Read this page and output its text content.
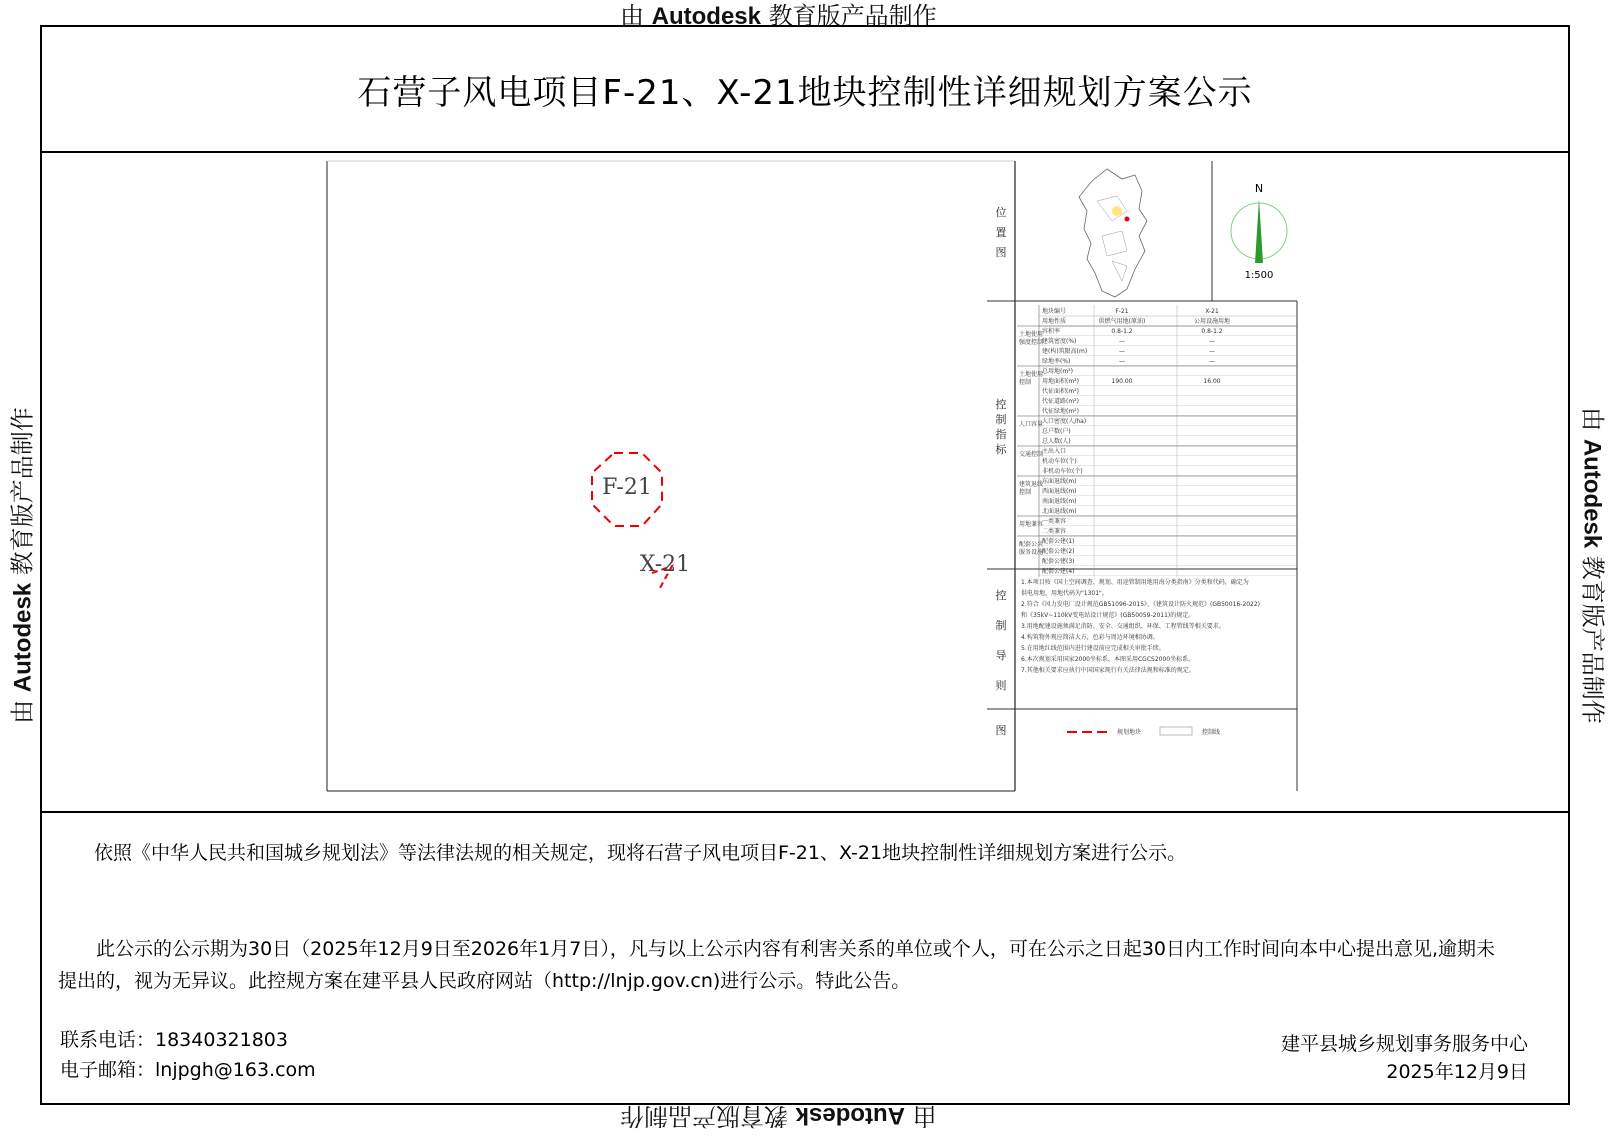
由 Autodesk 教育版产品制作
由 Autodesk 教育版产品制作
由 Autodesk 教育版产品制作	由 Autodesk 教育版产品制作
石营子风电项目F-21、X-21地块控制性详细规划方案公示
F-21
X-21
位
置
图
控
制
指
标
控
制
导
则
图
N
1:500
地块编号	F-21	X-21
用地性质	供燃气用地(原油)	公用设施用地
土地使用
强度控制
容积率	0.8-1.2	0.8-1.2
建筑密度(%)	—	—
建(构)筑限高(m)	—	—
绿地率(%)	—	—
土地使用
控制
总用地(m²)
用地面积(m²)	190.00	16.00
代征面积(m²)
代征道路(m²)
代征绿地(m²)
人口容量
人口密度(人/ha)
总户数(户)
总人数(人)
交通控制
主出入口
机动车位(个)
非机动车位(个)
建筑退线
控制
东面退线(m)
西面退线(m)
南面退线(m)
北面退线(m)
用地兼容
一类兼容
二类兼容
配套公共
服务设施
配套公建(1)
配套公建(2)
配套公建(3)
配套公建(4)
1.本项目按《国土空间调查、规划、用途管制用地用海分类指南》分类和代码，确定为
供电用地，用地代码为"1301"。
2.符合《风力发电厂设计规范GB51096-2015》、《建筑设计防火规范》(GB50016-2022)
和《35kV~110kV变电站设计规范》(GB50059-2011)的规定。
3.用地配建设施须满足消防、安全、交通组织、环保、工程管线等相关要求。
4.构筑物外观应简洁大方，色彩与周边环境相协调。
5.在用地红线范围内进行建设前应完成相关审批手续。
6.本次规划采用国家2000坐标系，本图采用CGCS2000坐标系。
7.其他相关要求应执行中国国家现行有关法律法规和标准的规定。
规划地块	控制线
依照《中华人民共和国城乡规划法》等法律法规的相关规定，现将石营子风电项目F-21、X-21地块控制性详细规划方案进行公示。
此公示的公示期为30日（2025年12月9日至2026年1月7日），凡与以上公示内容有利害关系的单位或个人，可在公示之日起30日内工作时间向本中心提出意见,逾期未提出的，视为无异议。此控规方案在建平县人民政府网站（http://lnjp.gov.cn)进行公示。特此公告。
联系电话：18340321803
电子邮箱：lnjpgh@163.com
建平县城乡规划事务服务中心
2025年12月9日
